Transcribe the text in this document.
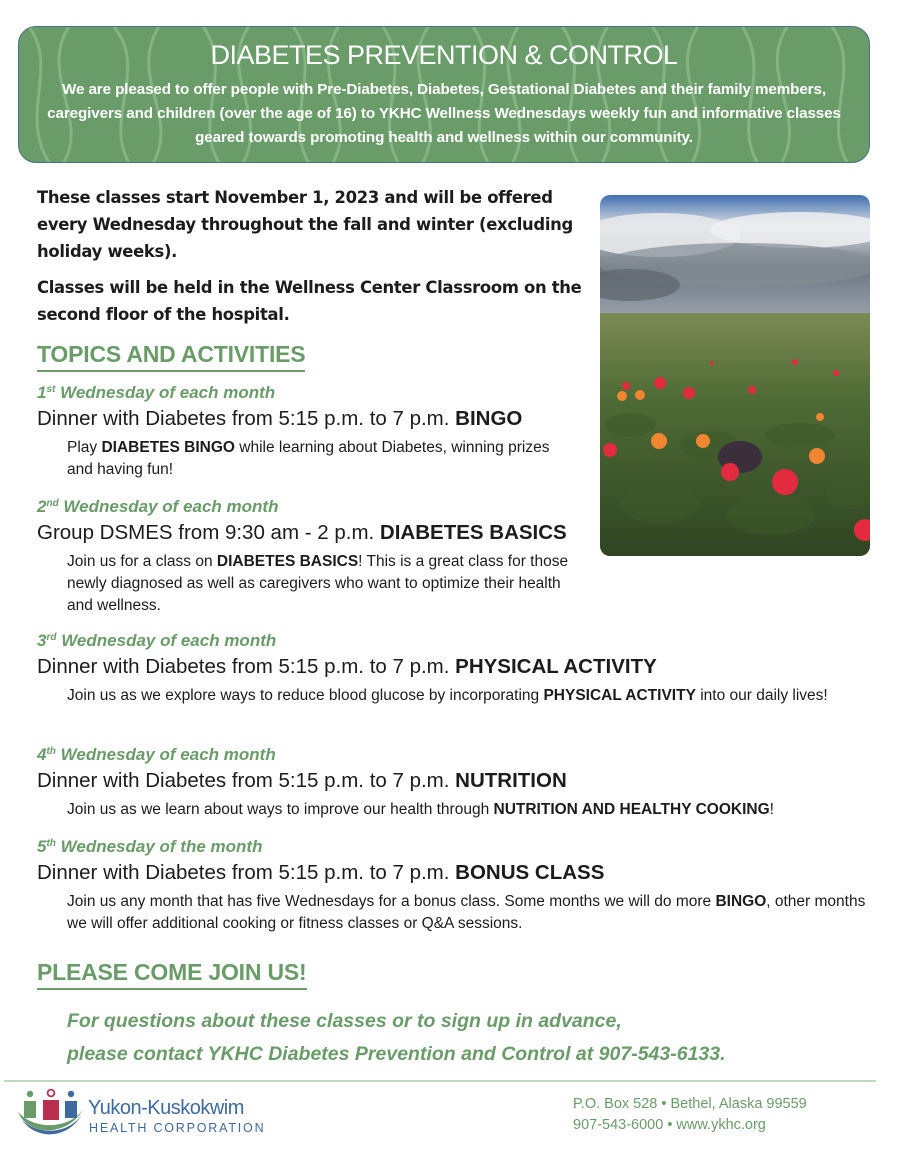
DIABETES PREVENTION & CONTROL

We are pleased to offer people with Pre-Diabetes, Diabetes, Gestational Diabetes and their family members, caregivers and children (over the age of 16) to YKHC Wellness Wednesdays weekly fun and informative classes geared towards promoting health and wellness within our community.

These classes start November 1, 2023 and will be offered every Wednesday throughout the fall and winter (excluding holiday weeks).

Classes will be held in the Wellness Center Classroom on the second floor of the hospital.

TOPICS AND ACTIVITIES
1st Wednesday of each month
Dinner with Diabetes from 5:15 p.m. to 7 p.m. BINGO
Play DIABETES BINGO while learning about Diabetes, winning prizes and having fun!
2nd Wednesday of each month
Group DSMES from 9:30 am - 2 p.m. DIABETES BASICS
Join us for a class on DIABETES BASICS! This is a great class for those newly diagnosed as well as caregivers who want to optimize their health and wellness.
3rd Wednesday of each month
Dinner with Diabetes from 5:15 p.m. to 7 p.m. PHYSICAL ACTIVITY
Join us as we explore ways to reduce blood glucose by incorporating PHYSICAL ACTIVITY into our daily lives!
4th Wednesday of each month
Dinner with Diabetes from 5:15 p.m. to 7 p.m. NUTRITION
Join us as we learn about ways to improve our health through NUTRITION AND HEALTHY COOKING!
5th Wednesday of the month
Dinner with Diabetes from 5:15 p.m. to 7 p.m. BONUS CLASS
Join us any month that has five Wednesdays for a bonus class. Some months we will do more BINGO, other months we will offer additional cooking or fitness classes or Q&A sessions.
PLEASE COME JOIN US!
For questions about these classes or to sign up in advance,
please contact YKHC Diabetes Prevention and Control at 907-543-6133.
Yukon-Kuskokwim
HEALTH CORPORATION
P.O. Box 528 • Bethel, Alaska 99559
907-543-6000 • www.ykhc.org
